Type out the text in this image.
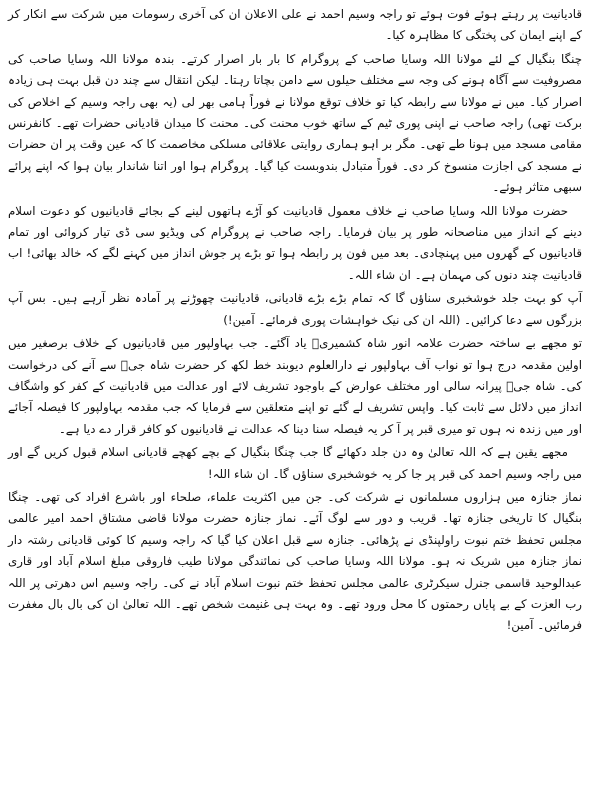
قادیانیت پر رہتے ہوئے فوت ہوئے تو راجہ وسیم احمد نے علی الاعلان ان کی آخری رسومات میں شرکت سے انکار کر کے اپنے ایمان کی پختگی کا مظاہرہ کیا۔

چنگا بنگیال کے لئے مولانا اللہ وسایا صاحب کے پروگرام کا بار بار اصرار کرتے۔ بندہ مولانا اللہ وسایا صاحب کی مصروفیت سے آگاہ ہونے کی وجہ سے مختلف حیلوں سے دامن بچاتا رہتا۔ لیکن انتقال سے چند دن قبل بہت ہی زیادہ اصرار کیا۔ میں نے مولانا سے رابطہ کیا تو خلاف توقع مولانا نے فوراً ہامی بھر لی (یہ بھی راجہ وسیم کے اخلاص کی برکت تھی) راجہ صاحب نے اپنی پوری ٹیم کے ساتھ خوب محنت کی۔ محنت کا میدان قادیانی حضرات تھے۔ کانفرنس مقامی مسجد میں ہونا طے تھی۔ مگر بر اہو ہماری روایتی علاقائی مسلکی مخاصمت کا کہ عین وقت پر ان حضرات نے مسجد کی اجازت منسوخ کر دی۔ فوراً متبادل بندوبست کیا گیا۔ پروگرام ہوا اور اتنا شاندار بیان ہوا کہ اپنے پرائے سبھی متاثر ہوئے۔

حضرت مولانا اللہ وسایا صاحب نے خلاف معمول قادیانیت کو آڑے ہاتھوں لینے کے بجائے قادیانیوں کو دعوت اسلام دینے کے انداز میں مناصحانہ طور پر بیان فرمایا۔ راجہ صاحب نے پروگرام کی ویڈیو سی ڈی تیار کروائی اور تمام قادیانیوں کے گھروں میں پہنچادی۔ بعد میں فون پر رابطہ ہوا تو بڑے پر جوش انداز میں کہنے لگے کہ خالد بھائی! اب قادیانیت چند دنوں کی مہمان ہے۔ ان شاء اللہ۔

آپ کو بہت جلد خوشخبری سناؤں گا کہ تمام بڑے بڑے قادیانی، قادیانیت چھوڑنے پر آمادہ نظر آرہے ہیں۔ بس آپ بزرگوں سے دعا کرائیں۔ (اللہ ان کی نیک خواہشات پوری فرمائے۔ آمین!)

تو مجھے بے ساختہ حضرت علامہ انور شاہ کشمیریؒ یاد آگئے۔ جب بہاولپور میں قادیانیوں کے خلاف برصغیر میں اولین مقدمہ درج ہوا تو نواب آف بہاولپور نے دارالعلوم دیوبند خط لکھ کر حضرت شاہ جیؒ سے آنے کی درخواست کی۔ شاہ جیؒ پیرانہ سالی اور مختلف عوارض کے باوجود تشریف لائے اور عدالت میں قادیانیت کے کفر کو واشگاف انداز میں دلائل سے ثابت کیا۔ واپس تشریف لے گئے تو اپنے متعلقین سے فرمایا کہ جب مقدمہ بہاولپور کا فیصلہ آجائے اور میں زندہ نہ ہوں تو میری قبر پر آ کر یہ فیصلہ سنا دینا کہ عدالت نے قادیانیوں کو کافر قرار دے دیا ہے۔

مجھے یقین ہے کہ اللہ تعالیٰ وہ دن جلد دکھائے گا جب چنگا بنگیال کے بچے کھچے قادیانی اسلام قبول کریں گے اور میں راجہ وسیم احمد کی قبر پر جا کر یہ خوشخبری سناؤں گا۔ ان شاء اللہ!

نماز جنازہ میں ہزاروں مسلمانوں نے شرکت کی۔ جن میں اکثریت علماء، صلحاء اور باشرع افراد کی تھی۔ چنگا بنگیال کا تاریخی جنازہ تھا۔ قریب و دور سے لوگ آئے۔ نماز جنازہ حضرت مولانا قاضی مشتاق احمد امیر عالمی مجلس تحفظ ختم نبوت راولپنڈی نے پڑھائی۔ جنازہ سے قبل اعلان کیا گیا کہ راجہ وسیم کا کوئی قادیانی رشتہ دار نماز جنازہ میں شریک نہ ہو۔ مولانا اللہ وسایا صاحب کی نمائندگی مولانا طیب فاروقی مبلغ اسلام آباد اور قاری عبدالوحید قاسمی جنرل سیکرٹری عالمی مجلس تحفظ ختم نبوت اسلام آباد نے کی۔ راجہ وسیم اس دھرتی پر اللہ رب العزت کے بے پایاں رحمتوں کا محل ورود تھے۔ وہ بہت ہی غنیمت شخص تھے۔ اللہ تعالیٰ ان کی بال بال مغفرت فرمائیں۔ آمین!
